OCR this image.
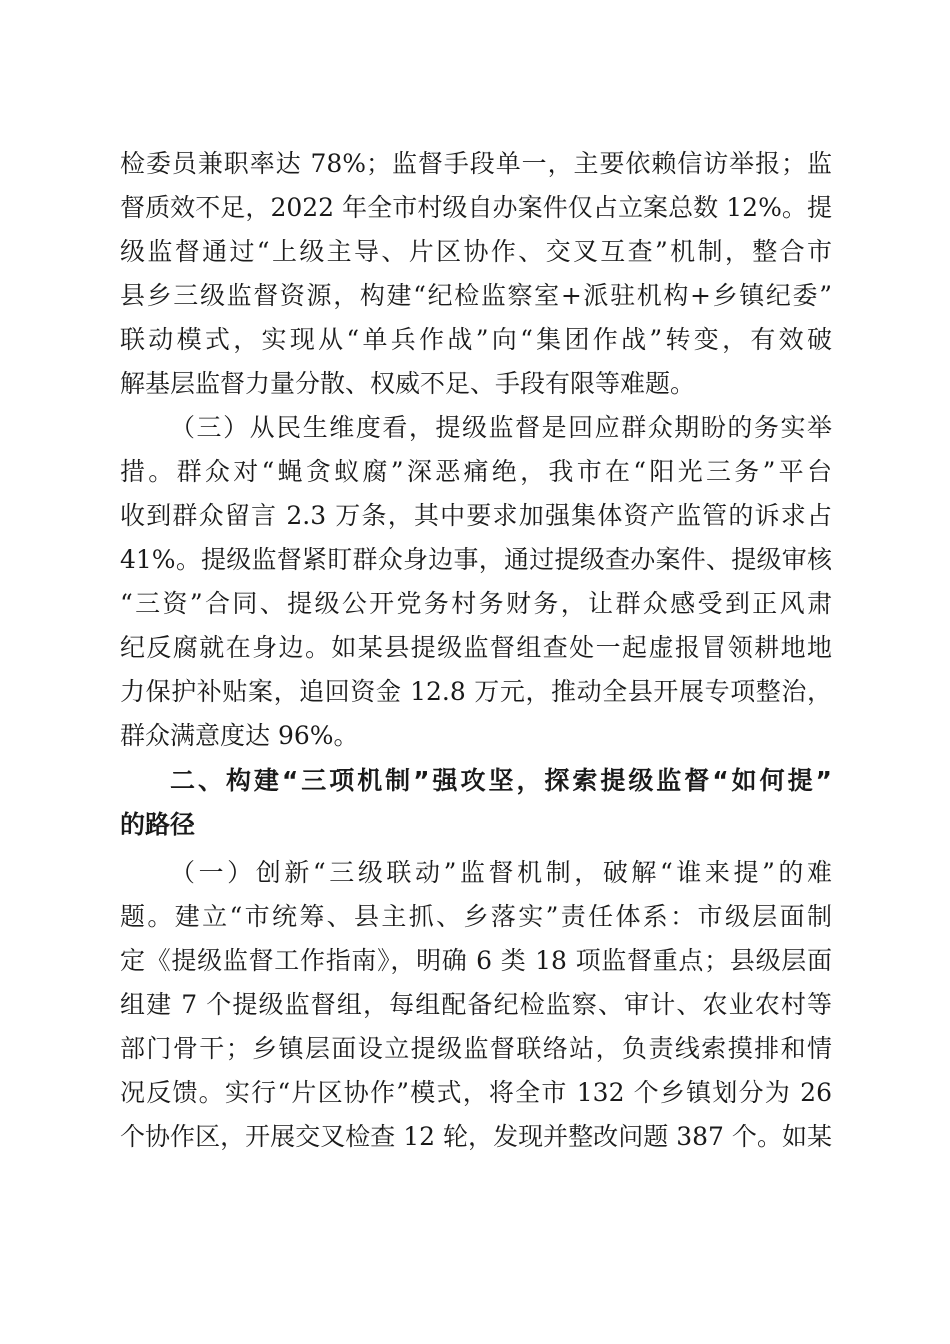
检委员兼职率达 78%；监督手段单一，主要依赖信访举报；监
督质效不足，2022 年全市村级自办案件仅占立案总数 12%。提
级监督通过“上级主导、片区协作、交叉互查”机制，整合市
县乡三级监督资源，构建“纪检监察室+派驻机构+乡镇纪委”
联动模式，实现从“单兵作战”向“集团作战”转变，有效破
解基层监督力量分散、权威不足、手段有限等难题。
（三）从民生维度看，提级监督是回应群众期盼的务实举
措。群众对“蝇贪蚁腐”深恶痛绝，我市在“阳光三务”平台
收到群众留言 2.3 万条，其中要求加强集体资产监管的诉求占
41%。提级监督紧盯群众身边事，通过提级查办案件、提级审核
“三资”合同、提级公开党务村务财务，让群众感受到正风肃
纪反腐就在身边。如某县提级监督组查处一起虚报冒领耕地地
力保护补贴案，追回资金 12.8 万元，推动全县开展专项整治，
群众满意度达 96%。
二、构建“三项机制”强攻坚，探索提级监督“如何提”
的路径
（一）创新“三级联动”监督机制，破解“谁来提”的难
题。建立“市统筹、县主抓、乡落实”责任体系：市级层面制
定《提级监督工作指南》，明确 6 类 18 项监督重点；县级层面
组建 7 个提级监督组，每组配备纪检监察、审计、农业农村等
部门骨干；乡镇层面设立提级监督联络站，负责线索摸排和情
况反馈。实行“片区协作”模式，将全市 132 个乡镇划分为 26
个协作区，开展交叉检查 12 轮，发现并整改问题 387 个。如某
